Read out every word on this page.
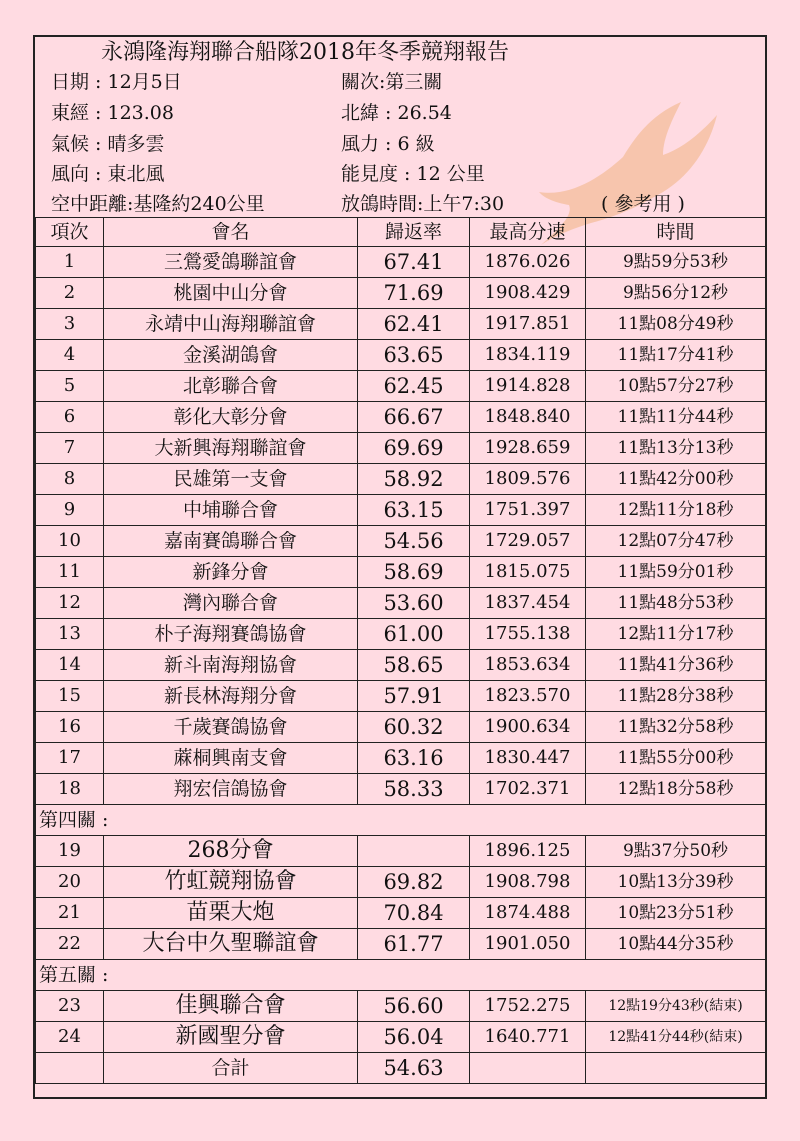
永鴻隆海翔聯合船隊2018年冬季競翔報告
日期 : 12月5日	關次:第三關
東經 : 123.08	北緯 : 26.54
氣候 : 晴多雲	風力 : 6 級
風向 : 東北風	能見度 : 12 公里
空中距離:基隆約240公里	放鴿時間:上午7:30	( 參考用 )
項次	會名	歸返率	最高分速	時間
1	三鶯愛鴿聯誼會	67.41	1876.026	9點59分53秒
2	桃園中山分會	71.69	1908.429	9點56分12秒
3	永靖中山海翔聯誼會	62.41	1917.851	11點08分49秒
4	金溪湖鴿會	63.65	1834.119	11點17分41秒
5	北彰聯合會	62.45	1914.828	10點57分27秒
6	彰化大彰分會	66.67	1848.840	11點11分44秒
7	大新興海翔聯誼會	69.69	1928.659	11點13分13秒
8	民雄第一支會	58.92	1809.576	11點42分00秒
9	中埔聯合會	63.15	1751.397	12點11分18秒
10	嘉南賽鴿聯合會	54.56	1729.057	12點07分47秒
11	新鋒分會	58.69	1815.075	11點59分01秒
12	灣內聯合會	53.60	1837.454	11點48分53秒
13	朴子海翔賽鴿協會	61.00	1755.138	12點11分17秒
14	新斗南海翔協會	58.65	1853.634	11點41分36秒
15	新長林海翔分會	57.91	1823.570	11點28分38秒
16	千歲賽鴿協會	60.32	1900.634	11點32分58秒
17	蔴桐興南支會	63.16	1830.447	11點55分00秒
18	翔宏信鴿協會	58.33	1702.371	12點18分58秒
第四關 :				
19	268分會		1896.125	9點37分50秒
20	竹虹競翔協會	69.82	1908.798	10點13分39秒
21	苗栗大炮	70.84	1874.488	10點23分51秒
22	大台中久聖聯誼會	61.77	1901.050	10點44分35秒
第五關 :				
23	佳興聯合會	56.60	1752.275	12點19分43秒(結束)
24	新國聖分會	56.04	1640.771	12點41分44秒(結束)
	合計	54.63		
